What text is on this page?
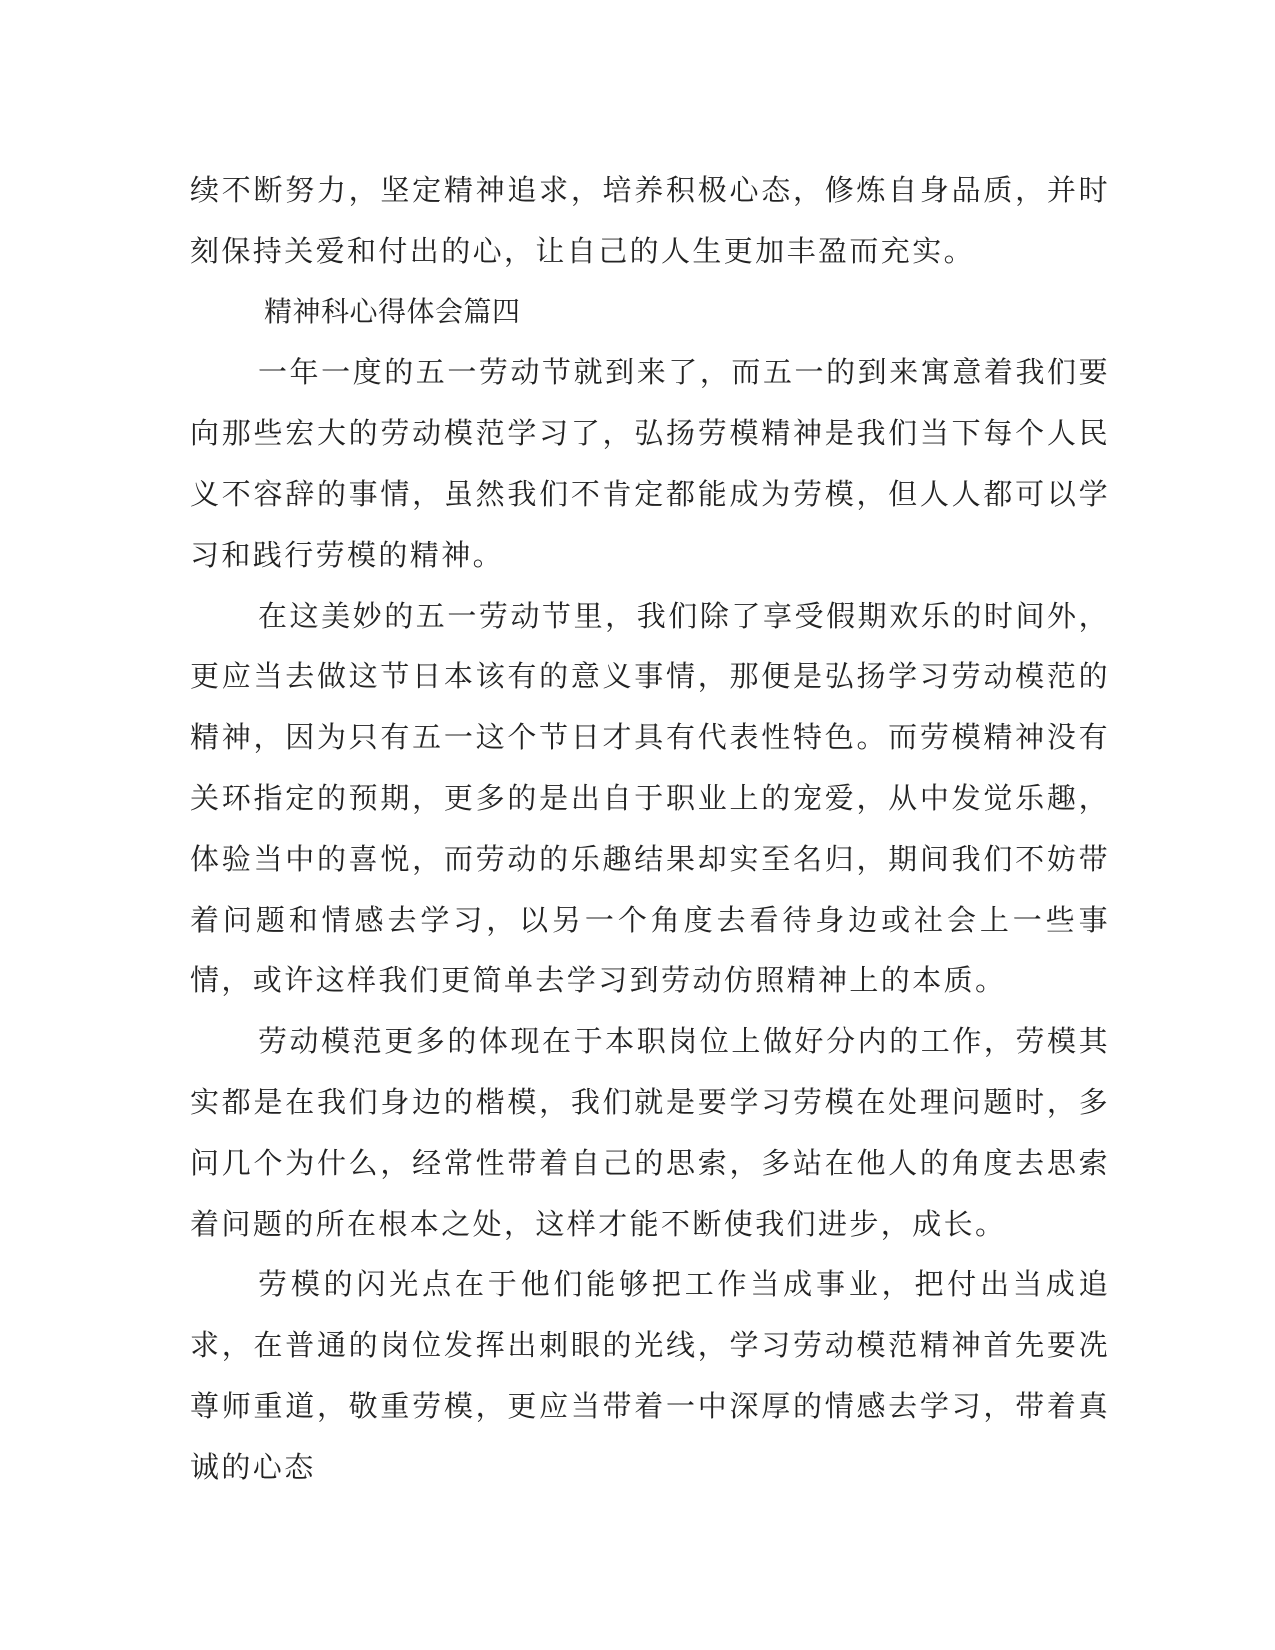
续不断努力，坚定精神追求，培养积极心态，修炼自身品质，并时刻保持关爱和付出的心，让自己的人生更加丰盈而充实。

精神科心得体会篇四

一年一度的五一劳动节就到来了，而五一的到来寓意着我们要向那些宏大的劳动模范学习了，弘扬劳模精神是我们当下每个人民义不容辞的事情，虽然我们不肯定都能成为劳模，但人人都可以学习和践行劳模的精神。

在这美妙的五一劳动节里，我们除了享受假期欢乐的时间外，更应当去做这节日本该有的意义事情，那便是弘扬学习劳动模范的精神，因为只有五一这个节日才具有代表性特色。而劳模精神没有关环指定的预期，更多的是出自于职业上的宠爱，从中发觉乐趣，体验当中的喜悦，而劳动的乐趣结果却实至名归，期间我们不妨带着问题和情感去学习，以另一个角度去看待身边或社会上一些事情，或许这样我们更简单去学习到劳动仿照精神上的本质。

劳动模范更多的体现在于本职岗位上做好分内的工作，劳模其实都是在我们身边的楷模，我们就是要学习劳模在处理问题时，多问几个为什么，经常性带着自己的思索，多站在他人的角度去思索着问题的所在根本之处，这样才能不断使我们进步，成长。

劳模的闪光点在于他们能够把工作当成事业，把付出当成追求，在普通的岗位发挥出刺眼的光线，学习劳动模范精神首先要冼尊师重道，敬重劳模，更应当带着一中深厚的情感去学习，带着真诚的心态
